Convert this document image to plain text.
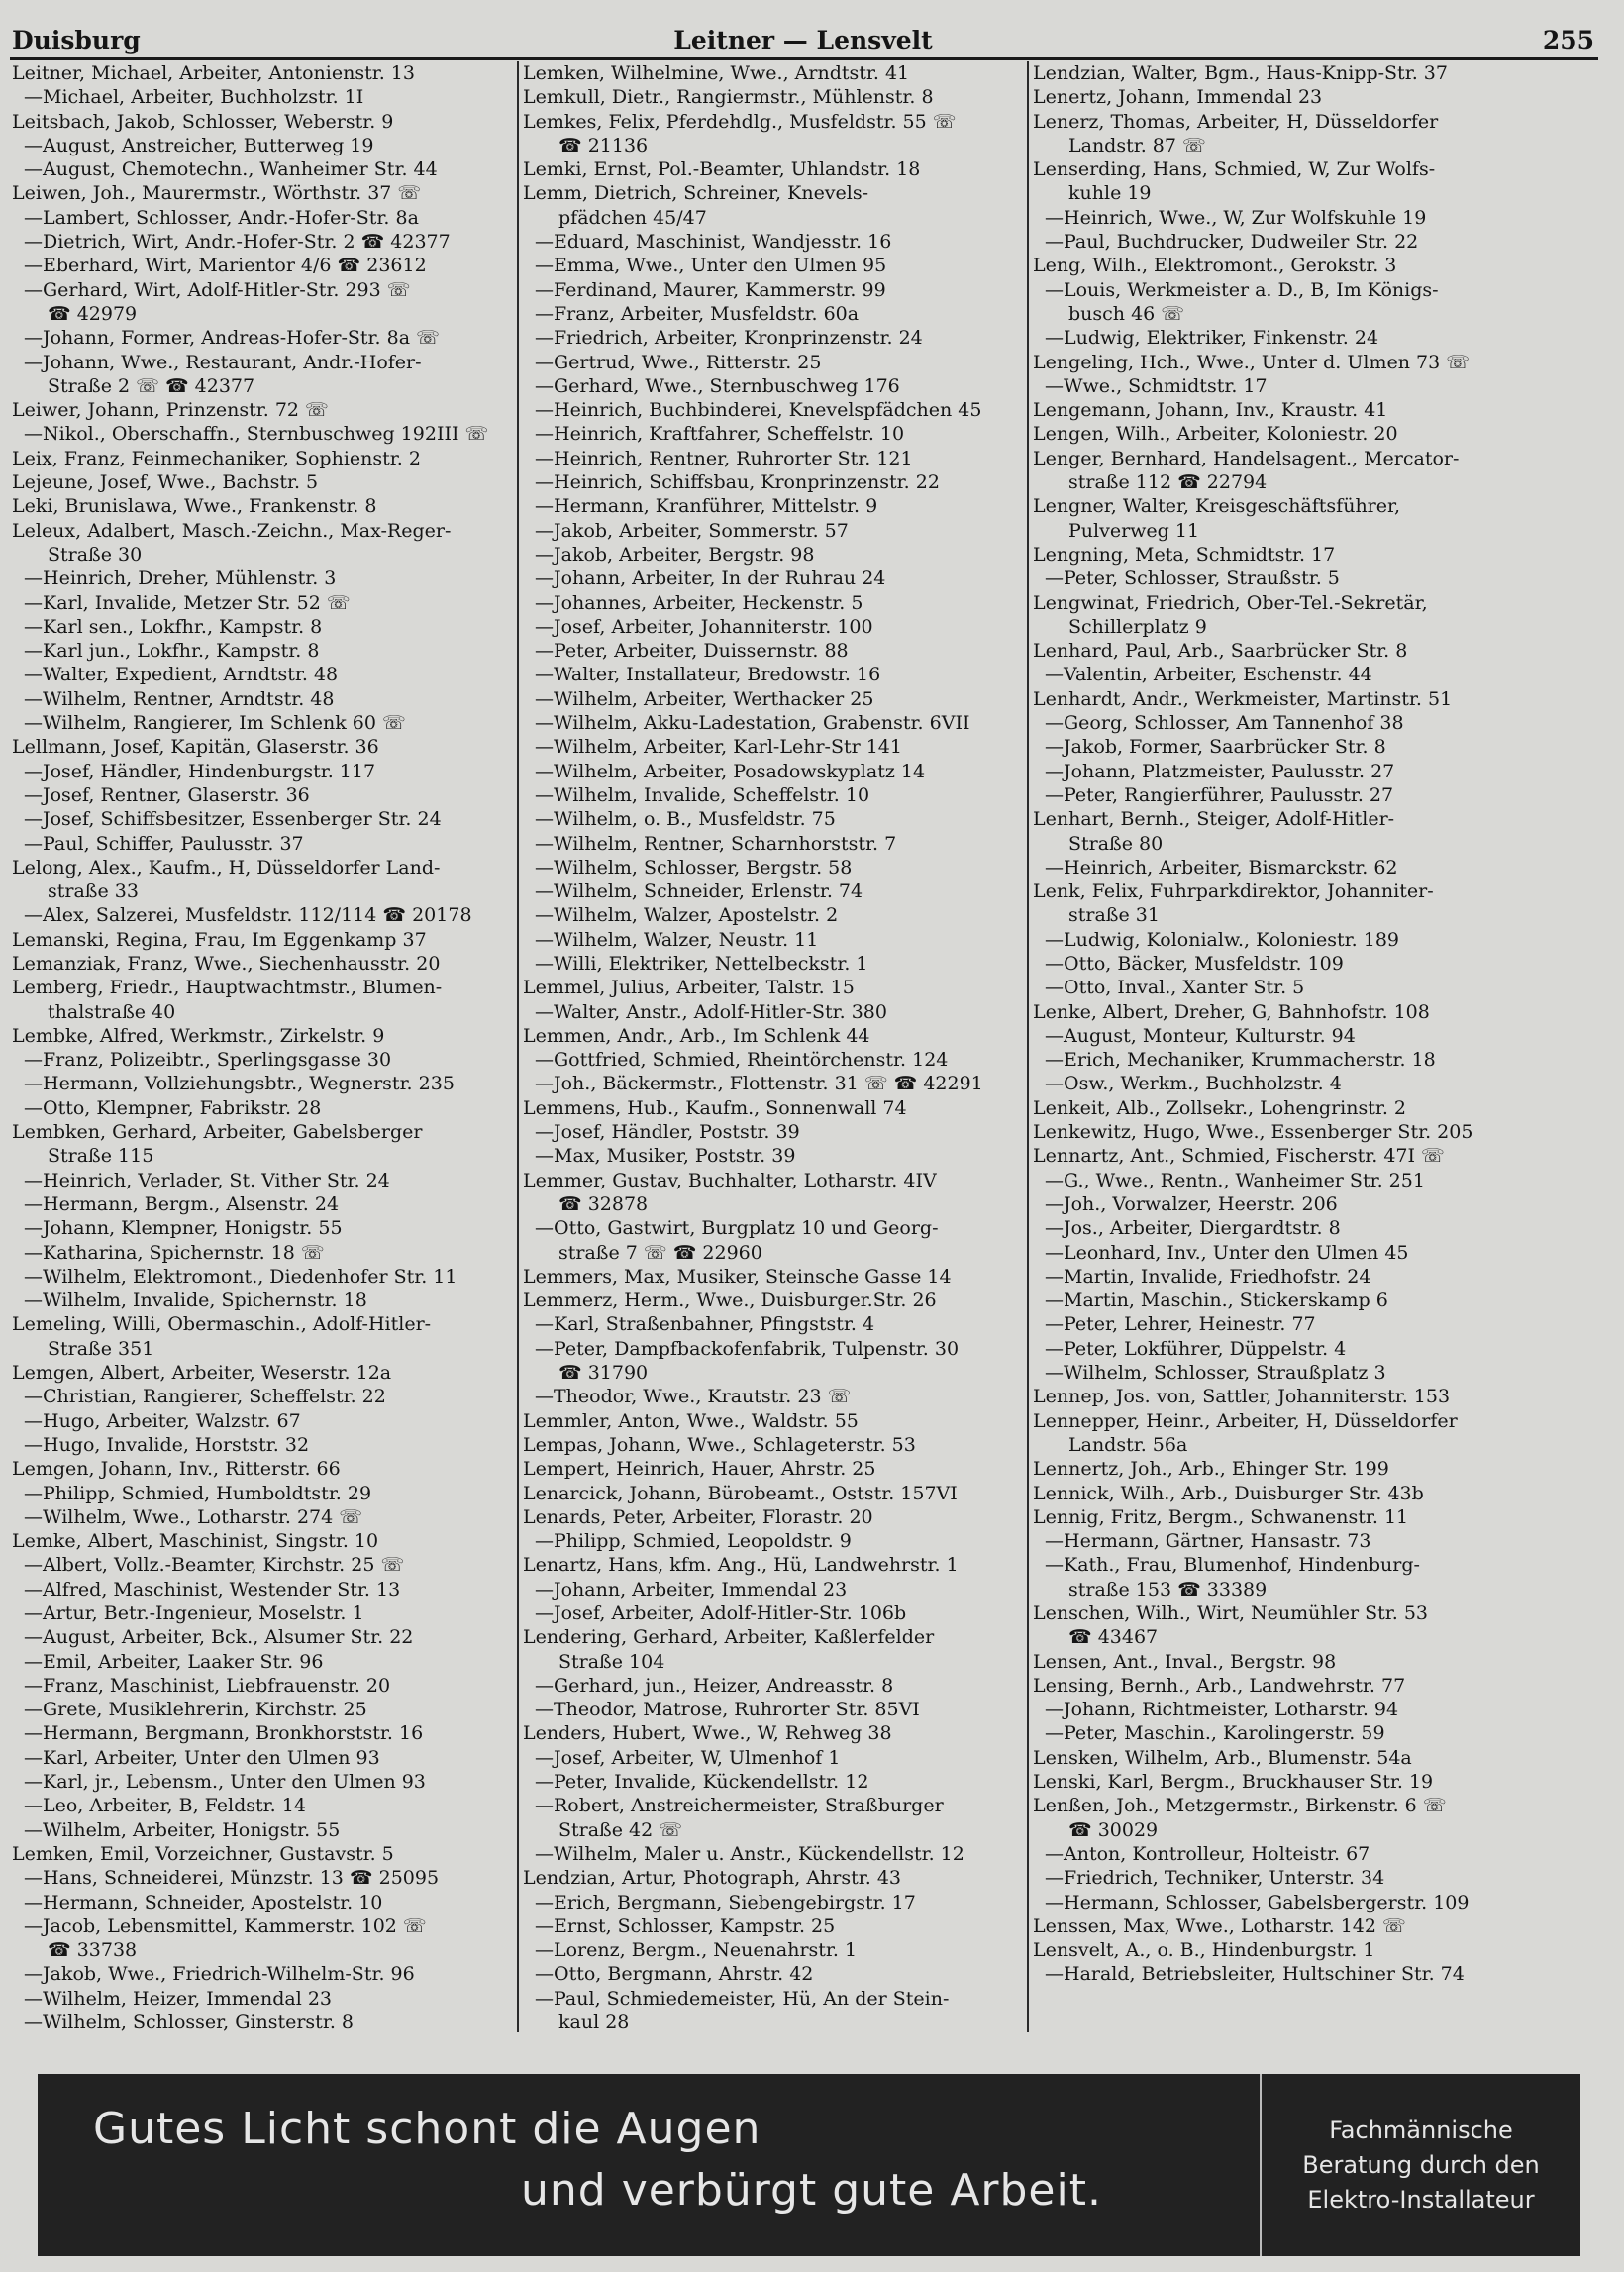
Duisburg	Leitner — Lensvelt	255
Leitner, Michael, Arbeiter, Antonienstr. 13
—Michael, Arbeiter, Buchholzstr. 1I
Leitsbach, Jakob, Schlosser, Weberstr. 9
—August, Anstreicher, Butterweg 19
—August, Chemotechn., Wanheimer Str. 44
Leiwen, Joh., Maurermstr., Wörthstr. 37 ☏
—Lambert, Schlosser, Andr.-Hofer-Str. 8a
—Dietrich, Wirt, Andr.-Hofer-Str. 2 ☎ 42377
—Eberhard, Wirt, Marientor 4/6 ☎ 23612
—Gerhard, Wirt, Adolf-Hitler-Str. 293 ☏
☎ 42979
—Johann, Former, Andreas-Hofer-Str. 8a ☏
—Johann, Wwe., Restaurant, Andr.-Hofer-
Straße 2 ☏ ☎ 42377
Leiwer, Johann, Prinzenstr. 72 ☏
—Nikol., Oberschaffn., Sternbuschweg 192III ☏
Leix, Franz, Feinmechaniker, Sophienstr. 2
Lejeune, Josef, Wwe., Bachstr. 5
Leki, Brunislawa, Wwe., Frankenstr. 8
Leleux, Adalbert, Masch.-Zeichn., Max-Reger-
Straße 30
—Heinrich, Dreher, Mühlenstr. 3
—Karl, Invalide, Metzer Str. 52 ☏
—Karl sen., Lokfhr., Kampstr. 8
—Karl jun., Lokfhr., Kampstr. 8
—Walter, Expedient, Arndtstr. 48
—Wilhelm, Rentner, Arndtstr. 48
—Wilhelm, Rangierer, Im Schlenk 60 ☏
Lellmann, Josef, Kapitän, Glaserstr. 36
—Josef, Händler, Hindenburgstr. 117
—Josef, Rentner, Glaserstr. 36
—Josef, Schiffsbesitzer, Essenberger Str. 24
—Paul, Schiffer, Paulusstr. 37
Lelong, Alex., Kaufm., H, Düsseldorfer Land-
straße 33
—Alex, Salzerei, Musfeldstr. 112/114 ☎ 20178
Lemanski, Regina, Frau, Im Eggenkamp 37
Lemanziak, Franz, Wwe., Siechenhausstr. 20
Lemberg, Friedr., Hauptwachtmstr., Blumen-
thalstraße 40
Lembke, Alfred, Werkmstr., Zirkelstr. 9
—Franz, Polizeibtr., Sperlingsgasse 30
—Hermann, Vollziehungsbtr., Wegnerstr. 235
—Otto, Klempner, Fabrikstr. 28
Lembken, Gerhard, Arbeiter, Gabelsberger
Straße 115
—Heinrich, Verlader, St. Vither Str. 24
—Hermann, Bergm., Alsenstr. 24
—Johann, Klempner, Honigstr. 55
—Katharina, Spichernstr. 18 ☏
—Wilhelm, Elektromont., Diedenhofer Str. 11
—Wilhelm, Invalide, Spichernstr. 18
Lemeling, Willi, Obermaschin., Adolf-Hitler-
Straße 351
Lemgen, Albert, Arbeiter, Weserstr. 12a
—Christian, Rangierer, Scheffelstr. 22
—Hugo, Arbeiter, Walzstr. 67
—Hugo, Invalide, Horststr. 32
Lemgen, Johann, Inv., Ritterstr. 66
—Philipp, Schmied, Humboldtstr. 29
—Wilhelm, Wwe., Lotharstr. 274 ☏
Lemke, Albert, Maschinist, Singstr. 10
—Albert, Vollz.-Beamter, Kirchstr. 25 ☏
—Alfred, Maschinist, Westender Str. 13
—Artur, Betr.-Ingenieur, Moselstr. 1
—August, Arbeiter, Bck., Alsumer Str. 22
—Emil, Arbeiter, Laaker Str. 96
—Franz, Maschinist, Liebfrauenstr. 20
—Grete, Musiklehrerin, Kirchstr. 25
—Hermann, Bergmann, Bronkhorststr. 16
—Karl, Arbeiter, Unter den Ulmen 93
—Karl, jr., Lebensm., Unter den Ulmen 93
—Leo, Arbeiter, B, Feldstr. 14
—Wilhelm, Arbeiter, Honigstr. 55
Lemken, Emil, Vorzeichner, Gustavstr. 5
—Hans, Schneiderei, Münzstr. 13 ☎ 25095
—Hermann, Schneider, Apostelstr. 10
—Jacob, Lebensmittel, Kammerstr. 102 ☏
☎ 33738
—Jakob, Wwe., Friedrich-Wilhelm-Str. 96
—Wilhelm, Heizer, Immendal 23
—Wilhelm, Schlosser, Ginsterstr. 8
Lemken, Wilhelmine, Wwe., Arndtstr. 41
Lemkull, Dietr., Rangiermstr., Mühlenstr. 8
Lemkes, Felix, Pferdehdlg., Musfeldstr. 55 ☏
☎ 21136
Lemki, Ernst, Pol.-Beamter, Uhlandstr. 18
Lemm, Dietrich, Schreiner, Knevels-
pfädchen 45/47
—Eduard, Maschinist, Wandjesstr. 16
—Emma, Wwe., Unter den Ulmen 95
—Ferdinand, Maurer, Kammerstr. 99
—Franz, Arbeiter, Musfeldstr. 60a
—Friedrich, Arbeiter, Kronprinzenstr. 24
—Gertrud, Wwe., Ritterstr. 25
—Gerhard, Wwe., Sternbuschweg 176
—Heinrich, Buchbinderei, Knevelspfädchen 45
—Heinrich, Kraftfahrer, Scheffelstr. 10
—Heinrich, Rentner, Ruhrorter Str. 121
—Heinrich, Schiffsbau, Kronprinzenstr. 22
—Hermann, Kranführer, Mittelstr. 9
—Jakob, Arbeiter, Sommerstr. 57
—Jakob, Arbeiter, Bergstr. 98
—Johann, Arbeiter, In der Ruhrau 24
—Johannes, Arbeiter, Heckenstr. 5
—Josef, Arbeiter, Johanniterstr. 100
—Peter, Arbeiter, Duissernstr. 88
—Walter, Installateur, Bredowstr. 16
—Wilhelm, Arbeiter, Werthacker 25
—Wilhelm, Akku-Ladestation, Grabenstr. 6VII
—Wilhelm, Arbeiter, Karl-Lehr-Str 141
—Wilhelm, Arbeiter, Posadowskyplatz 14
—Wilhelm, Invalide, Scheffelstr. 10
—Wilhelm, o. B., Musfeldstr. 75
—Wilhelm, Rentner, Scharnhorststr. 7
—Wilhelm, Schlosser, Bergstr. 58
—Wilhelm, Schneider, Erlenstr. 74
—Wilhelm, Walzer, Apostelstr. 2
—Wilhelm, Walzer, Neustr. 11
—Willi, Elektriker, Nettelbeckstr. 1
Lemmel, Julius, Arbeiter, Talstr. 15
—Walter, Anstr., Adolf-Hitler-Str. 380
Lemmen, Andr., Arb., Im Schlenk 44
—Gottfried, Schmied, Rheintörchenstr. 124
—Joh., Bäckermstr., Flottenstr. 31 ☏ ☎ 42291
Lemmens, Hub., Kaufm., Sonnenwall 74
—Josef, Händler, Poststr. 39
—Max, Musiker, Poststr. 39
Lemmer, Gustav, Buchhalter, Lotharstr. 4IV
☎ 32878
—Otto, Gastwirt, Burgplatz 10 und Georg-
straße 7 ☏ ☎ 22960
Lemmers, Max, Musiker, Steinsche Gasse 14
Lemmerz, Herm., Wwe., Duisburger.Str. 26
—Karl, Straßenbahner, Pfingststr. 4
—Peter, Dampfbackofenfabrik, Tulpenstr. 30
☎ 31790
—Theodor, Wwe., Krautstr. 23 ☏
Lemmler, Anton, Wwe., Waldstr. 55
Lempas, Johann, Wwe., Schlageterstr. 53
Lempert, Heinrich, Hauer, Ahrstr. 25
Lenarcick, Johann, Bürobeamt., Oststr. 157VI
Lenards, Peter, Arbeiter, Florastr. 20
—Philipp, Schmied, Leopoldstr. 9
Lenartz, Hans, kfm. Ang., Hü, Landwehrstr. 1
—Johann, Arbeiter, Immendal 23
—Josef, Arbeiter, Adolf-Hitler-Str. 106b
Lendering, Gerhard, Arbeiter, Kaßlerfelder
Straße 104
—Gerhard, jun., Heizer, Andreasstr. 8
—Theodor, Matrose, Ruhrorter Str. 85VI
Lenders, Hubert, Wwe., W, Rehweg 38
—Josef, Arbeiter, W, Ulmenhof 1
—Peter, Invalide, Kückendellstr. 12
—Robert, Anstreichermeister, Straßburger
Straße 42 ☏
—Wilhelm, Maler u. Anstr., Kückendellstr. 12
Lendzian, Artur, Photograph, Ahrstr. 43
—Erich, Bergmann, Siebengebirgstr. 17
—Ernst, Schlosser, Kampstr. 25
—Lorenz, Bergm., Neuenahrstr. 1
—Otto, Bergmann, Ahrstr. 42
—Paul, Schmiedemeister, Hü, An der Stein-
kaul 28
Lendzian, Walter, Bgm., Haus-Knipp-Str. 37
Lenertz, Johann, Immendal 23
Lenerz, Thomas, Arbeiter, H, Düsseldorfer
Landstr. 87 ☏
Lenserding, Hans, Schmied, W, Zur Wolfs-
kuhle 19
—Heinrich, Wwe., W, Zur Wolfskuhle 19
—Paul, Buchdrucker, Dudweiler Str. 22
Leng, Wilh., Elektromont., Gerokstr. 3
—Louis, Werkmeister a. D., B, Im Königs-
busch 46 ☏
—Ludwig, Elektriker, Finkenstr. 24
Lengeling, Hch., Wwe., Unter d. Ulmen 73 ☏
—Wwe., Schmidtstr. 17
Lengemann, Johann, Inv., Kraustr. 41
Lengen, Wilh., Arbeiter, Koloniestr. 20
Lenger, Bernhard, Handelsagent., Mercator-
straße 112 ☎ 22794
Lengner, Walter, Kreisgeschäftsführer,
Pulverweg 11
Lengning, Meta, Schmidtstr. 17
—Peter, Schlosser, Straußstr. 5
Lengwinat, Friedrich, Ober-Tel.-Sekretär,
Schillerplatz 9
Lenhard, Paul, Arb., Saarbrücker Str. 8
—Valentin, Arbeiter, Eschenstr. 44
Lenhardt, Andr., Werkmeister, Martinstr. 51
—Georg, Schlosser, Am Tannenhof 38
—Jakob, Former, Saarbrücker Str. 8
—Johann, Platzmeister, Paulusstr. 27
—Peter, Rangierführer, Paulusstr. 27
Lenhart, Bernh., Steiger, Adolf-Hitler-
Straße 80
—Heinrich, Arbeiter, Bismarckstr. 62
Lenk, Felix, Fuhrparkdirektor, Johanniter-
straße 31
—Ludwig, Kolonialw., Koloniestr. 189
—Otto, Bäcker, Musfeldstr. 109
—Otto, Inval., Xanter Str. 5
Lenke, Albert, Dreher, G, Bahnhofstr. 108
—August, Monteur, Kulturstr. 94
—Erich, Mechaniker, Krummacherstr. 18
—Osw., Werkm., Buchholzstr. 4
Lenkeit, Alb., Zollsekr., Lohengrinstr. 2
Lenkewitz, Hugo, Wwe., Essenberger Str. 205
Lennartz, Ant., Schmied, Fischerstr. 47I ☏
—G., Wwe., Rentn., Wanheimer Str. 251
—Joh., Vorwalzer, Heerstr. 206
—Jos., Arbeiter, Diergardtstr. 8
—Leonhard, Inv., Unter den Ulmen 45
—Martin, Invalide, Friedhofstr. 24
—Martin, Maschin., Stickerskamp 6
—Peter, Lehrer, Heinestr. 77
—Peter, Lokführer, Düppelstr. 4
—Wilhelm, Schlosser, Straußplatz 3
Lennep, Jos. von, Sattler, Johanniterstr. 153
Lennepper, Heinr., Arbeiter, H, Düsseldorfer
Landstr. 56a
Lennertz, Joh., Arb., Ehinger Str. 199
Lennick, Wilh., Arb., Duisburger Str. 43b
Lennig, Fritz, Bergm., Schwanenstr. 11
—Hermann, Gärtner, Hansastr. 73
—Kath., Frau, Blumenhof, Hindenburg-
straße 153 ☎ 33389
Lenschen, Wilh., Wirt, Neumühler Str. 53
☎ 43467
Lensen, Ant., Inval., Bergstr. 98
Lensing, Bernh., Arb., Landwehrstr. 77
—Johann, Richtmeister, Lotharstr. 94
—Peter, Maschin., Karolingerstr. 59
Lensken, Wilhelm, Arb., Blumenstr. 54a
Lenski, Karl, Bergm., Bruckhauser Str. 19
Lenßen, Joh., Metzgermstr., Birkenstr. 6 ☏
☎ 30029
—Anton, Kontrolleur, Holteistr. 67
—Friedrich, Techniker, Unterstr. 34
—Hermann, Schlosser, Gabelsbergerstr. 109
Lenssen, Max, Wwe., Lotharstr. 142 ☏
Lensvelt, A., o. B., Hindenburgstr. 1
—Harald, Betriebsleiter, Hultschiner Str. 74
Gutes Licht schont die Augen
und verbürgt gute Arbeit.
Fachmännische
Beratung durch den
Elektro-Installateur
